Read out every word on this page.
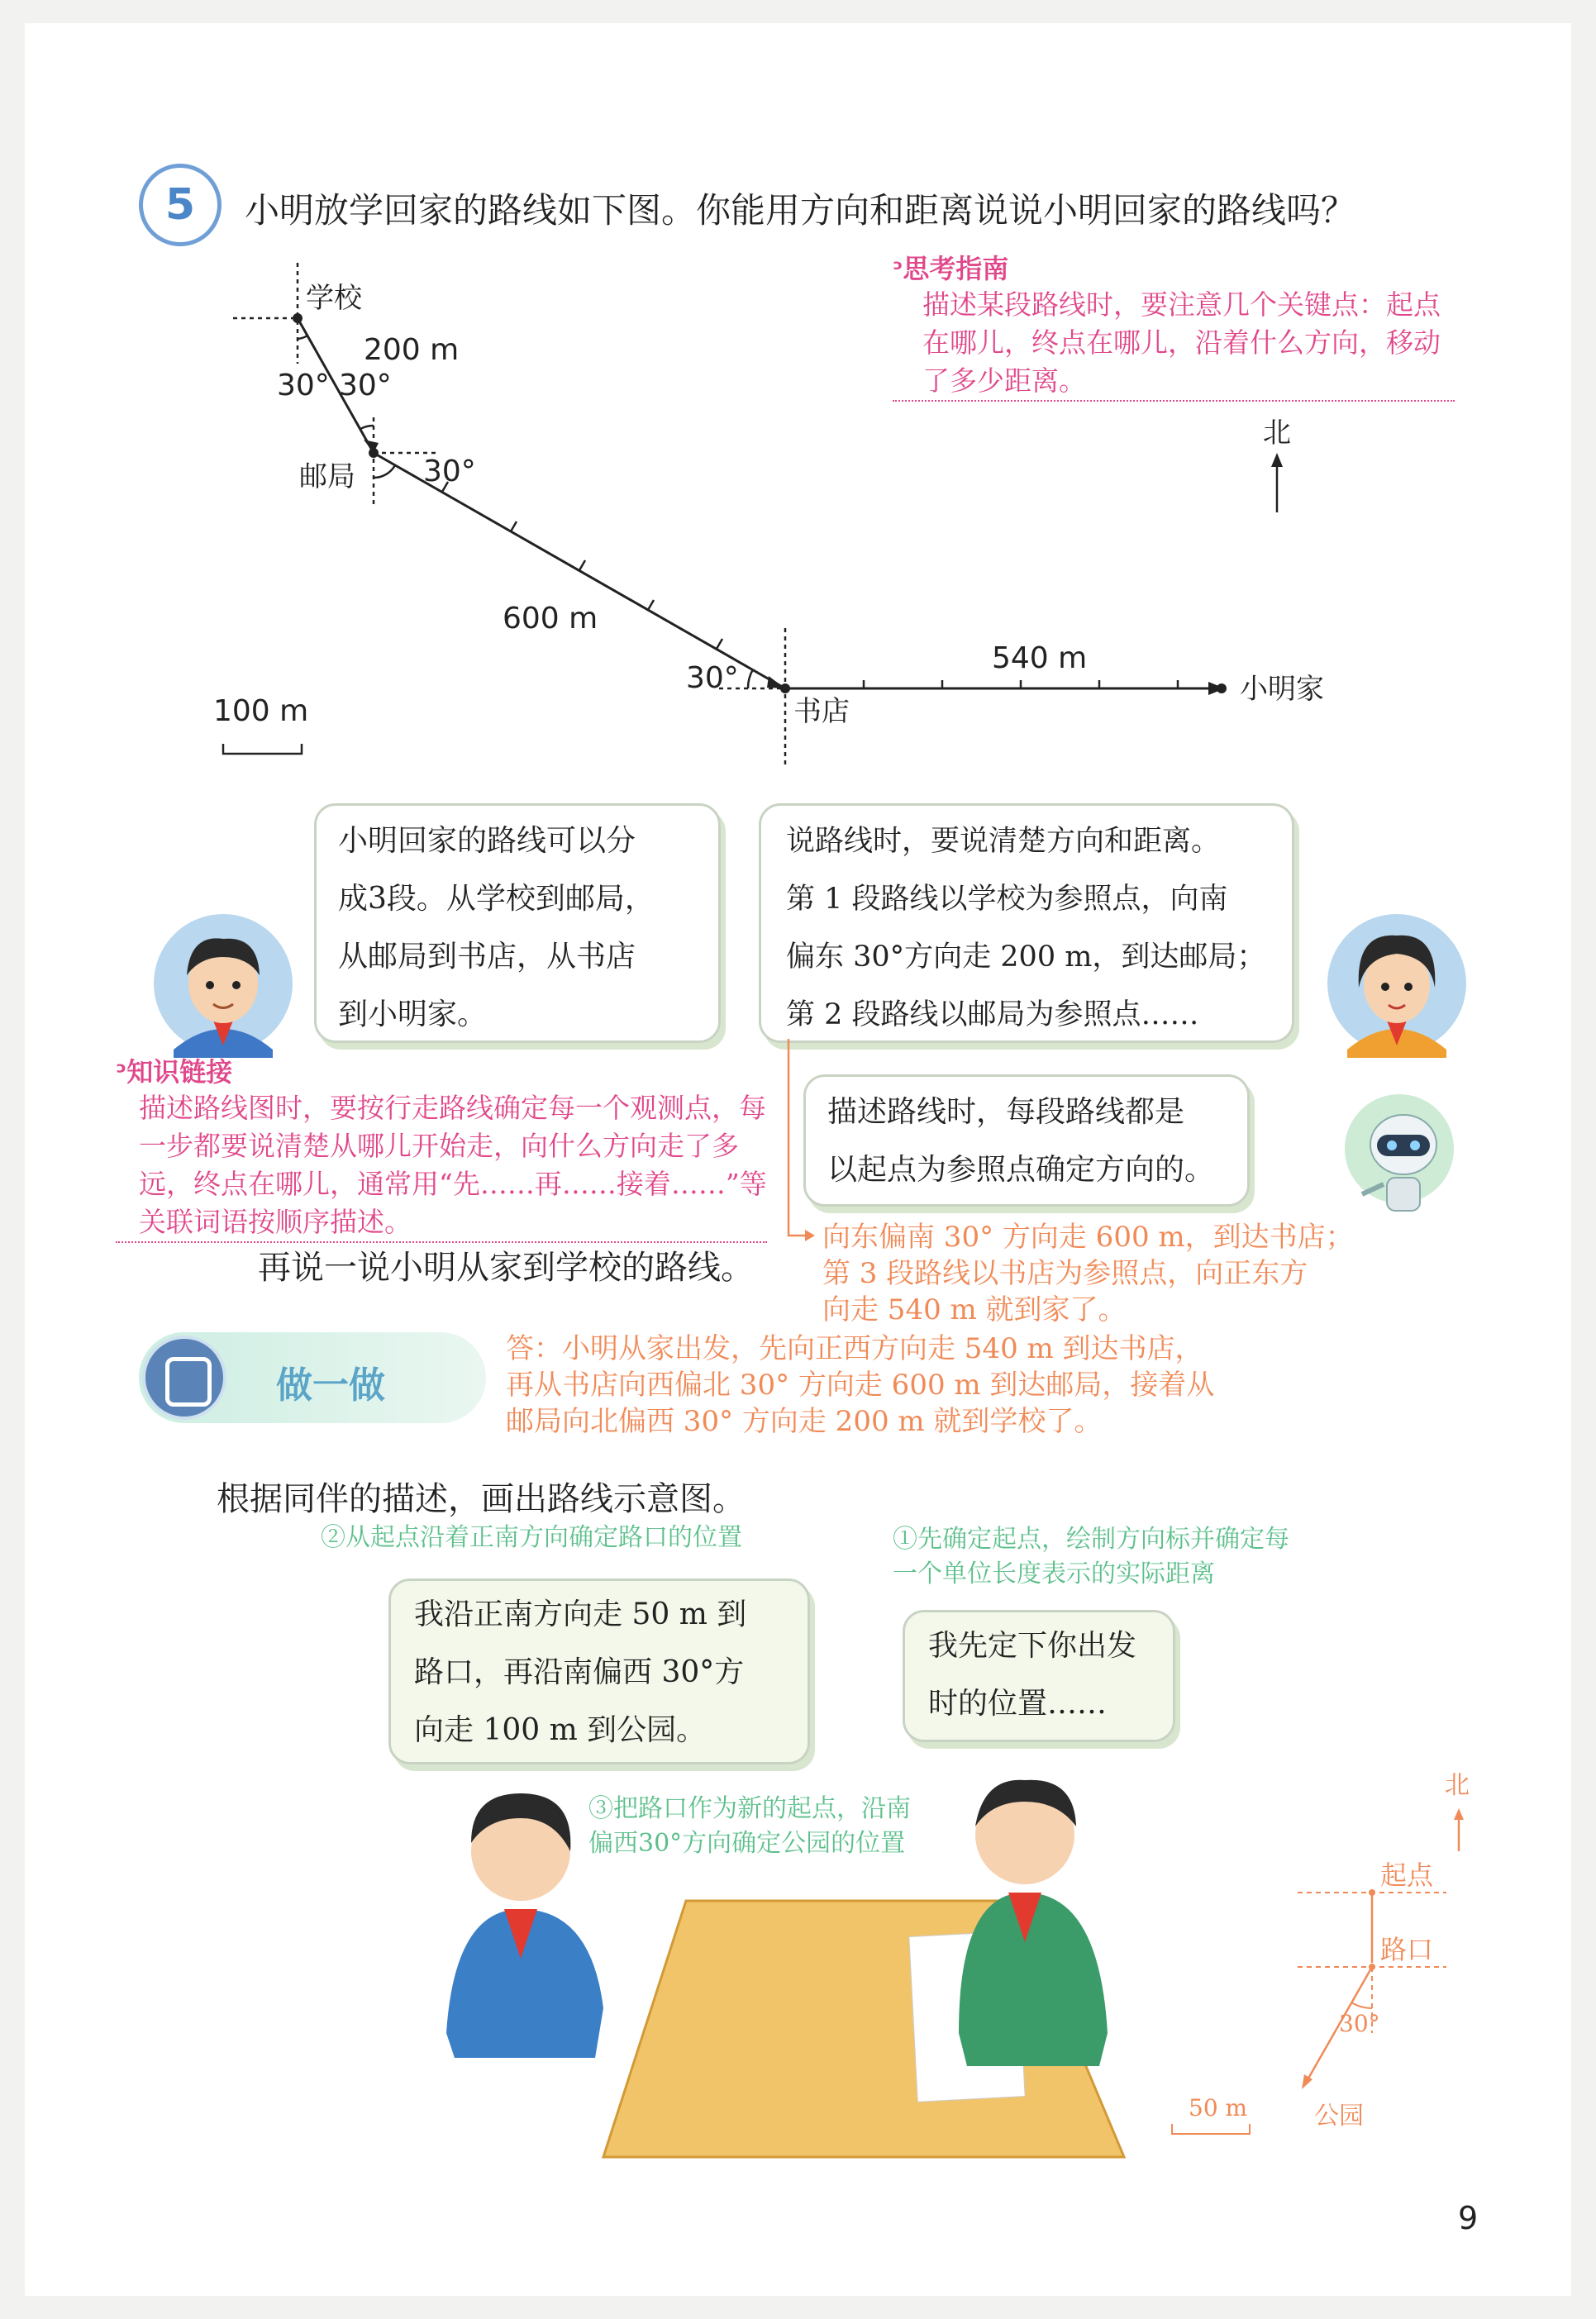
5	小明放学回家的路线如下图。你能用方向和距离说说小明回家的路线吗？
ᵓ思考指南
描述某段路线时，要注意几个关键点：起点在哪儿，终点在哪儿，沿着什么方向，移动了多少距离。
学校
邮局
书店
小明家
200 m
600 m
540 m
30° 30°
30°
30°
100 m
北
小明回家的路线可以分
成3段。从学校到邮局，
从邮局到书店，从书店
到小明家。
说路线时，要说清楚方向和距离。
第 1 段路线以学校为参照点，向南
偏东 30°方向走 200 m，到达邮局；
第 2 段路线以邮局为参照点……
描述路线时，每段路线都是
以起点为参照点确定方向的。
ᵓ知识链接
描述路线图时，要按行走路线确定每一个观测点，每一步都要说清楚从哪儿开始走，向什么方向走了多远，终点在哪儿，通常用“先……再……接着……”等关联词语按顺序描述。	向东偏南 30° 方向走 600 m，到达书店；
第 3 段路线以书店为参照点，向正东方
向走 540 m 就到家了。
再说一说小明从家到学校的路线。
做一做
答：小明从家出发，先向正西方向走 540 m 到达书店，
再从书店向西偏北 30° 方向走 600 m 到达邮局，接着从
邮局向北偏西 30° 方向走 200 m 就到学校了。
根据同伴的描述，画出路线示意图。
②从起点沿着正南方向确定路口的位置	①先确定起点，绘制方向标并确定每
一个单位长度表示的实际距离
我沿正南方向走 50 m 到
路口，再沿南偏西 30°方
向走 100 m 到公园。
我先定下你出发
时的位置……
③把路口作为新的起点，沿南
偏西30°方向确定公园的位置
北
起点
路口
30°
公园
50 m
9
